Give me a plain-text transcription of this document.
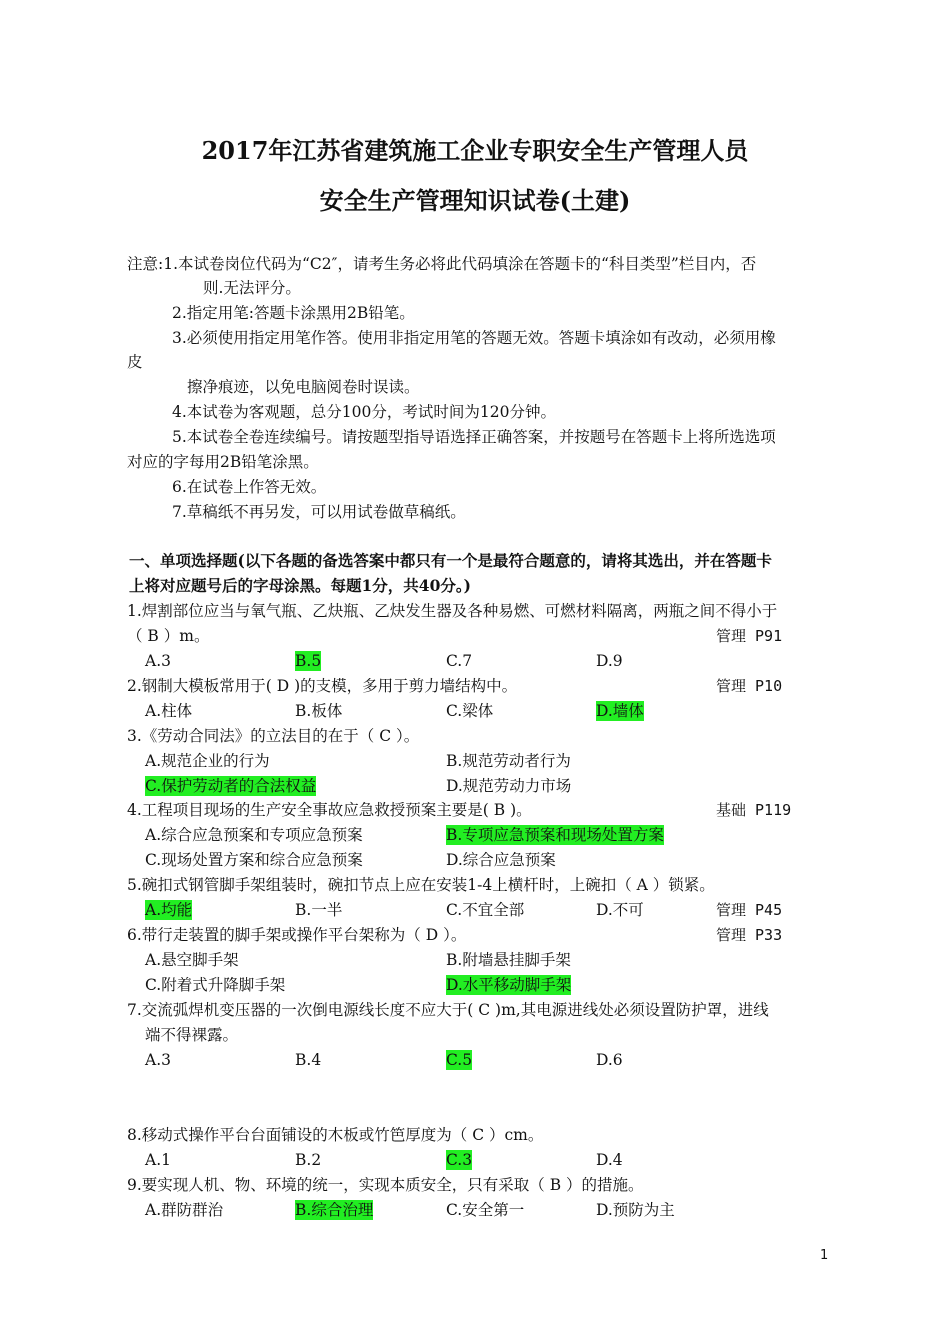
2017年江苏省建筑施工企业专职安全生产管理人员
安全生产管理知识试卷(土建)
注意:1.本试卷岗位代码为“C2″，请考生务必将此代码填涂在答题卡的“科目类型”栏目内，否
则.无法评分。
2.指定用笔:答题卡涂黑用2B铅笔。
3.必须使用指定用笔作答。使用非指定用笔的答题无效。答题卡填涂如有改动，必须用橡
皮
擦净痕迹，以免电脑阅卷时误读。
4.本试卷为客观题，总分100分，考试时间为120分钟。
5.本试卷全卷连续编号。请按题型指导语选择正确答案，并按题号在答题卡上将所选选项
对应的字每用2B铅笔涂黑。
6.在试卷上作答无效。
7.草稿纸不再另发，可以用试卷做草稿纸。
一、单项选择题(以下各题的备选答案中都只有一个是最符合题意的，请将其选出，并在答题卡
上将对应题号后的字母涂黑。每题1分，共40分。)
1.焊割部位应当与氧气瓶、乙炔瓶、乙炔发生器及各种易燃、可燃材料隔离，两瓶之间不得小于
（ B ）m。	管理 P91
A.3	B.5	C.7	D.9
2.钢制大模板常用于( D )的支模，多用于剪力墙结构中。	管理 P10
A.柱体	B.板体	C.梁体	D.墙体
3.《劳动合同法》的立法目的在于（ C ）。
A.规范企业的行为	B.规范劳动者行为
C.保护劳动者的合法权益	D.规范劳动力市场
4.工程项目现场的生产安全事故应急救授预案主要是( B )。	基础 P119
A.综合应急预案和专项应急预案	B.专项应急预案和现场处置方案
C.现场处置方案和综合应急预案	D.综合应急预案
5.碗扣式钢管脚手架组装时，碗扣节点上应在安装1-4上横杆时，上碗扣（ A ）锁紧。
A.均能	B.一半	C.不宜全部	D.不可	管理 P45
6.带行走装置的脚手架或操作平台架称为（ D ）。	管理 P33
A.悬空脚手架	B.附墙悬挂脚手架
C.附着式升降脚手架	D.水平移动脚手架
7.交流弧焊机变压器的一次倒电源线长度不应大于( C )m,其电源进线处必须设置防护罩，进线
端不得裸露。
A.3	B.4	C.5	D.6
8.移动式操作平台台面铺设的木板或竹笆厚度为（ C ）cm。
A.1	B.2	C.3	D.4
9.要实现人机、物、环境的统一，实现本质安全，只有采取（ B ）的措施。
A.群防群治	B.综合治理	C.安全第一	D.预防为主
1
